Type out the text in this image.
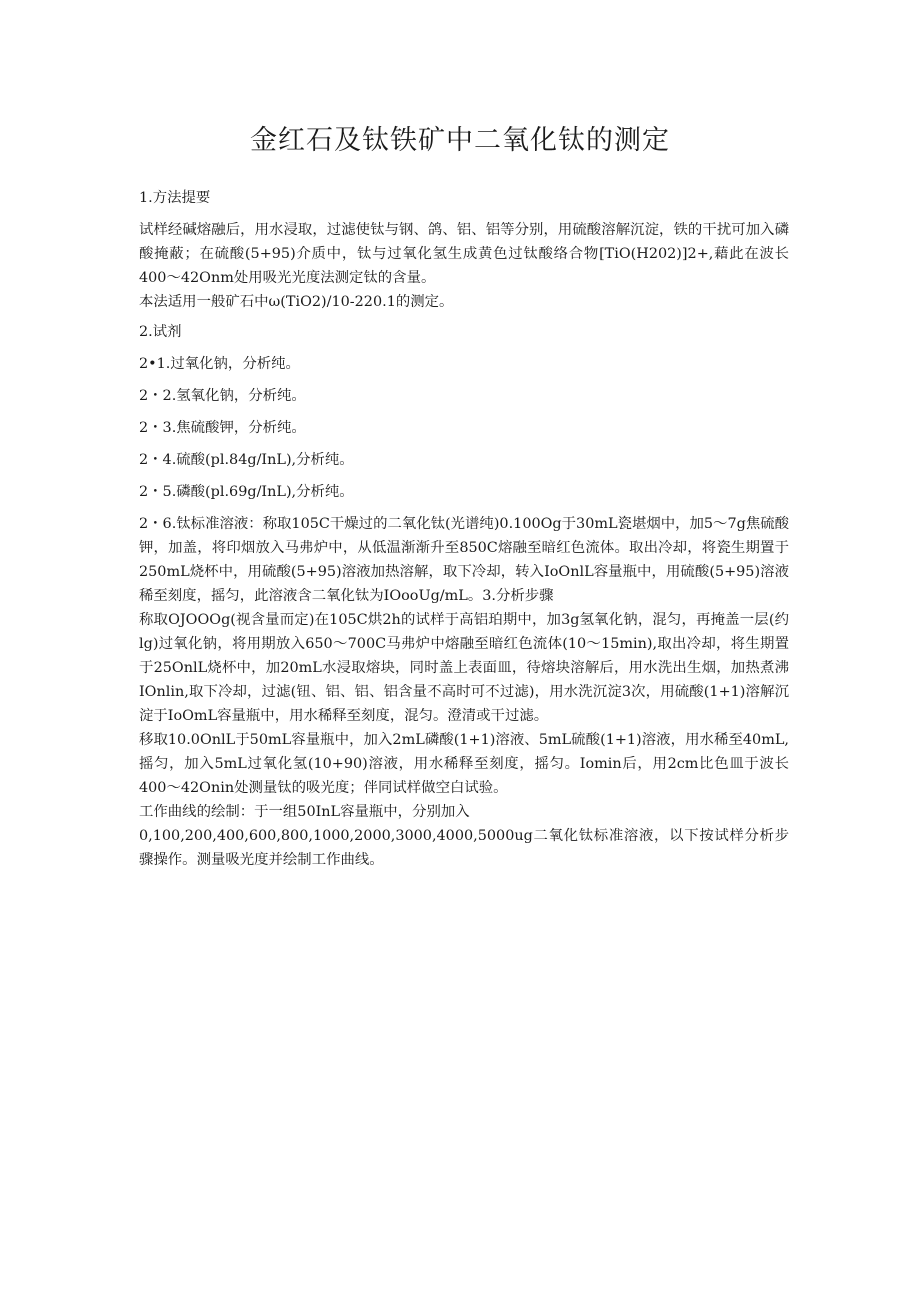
金红石及钛铁矿中二氧化钛的测定

1.方法提要

试样经碱熔融后，用水浸取，过滤使钛与钢、鸽、铝、铝等分别，用硫酸溶解沉淀，铁的干扰可加入磷酸掩蔽；在硫酸(5+95)介质中，钛与过氧化氢生成黄色过钛酸络合物[TiO(H202)]2+,藉此在波长400～42Onm处用吸光光度法测定钛的含量。

本法适用一般矿石中ω(TiO2)/10-220.1的测定。

2.试剂

2•1.过氧化钠，分析纯。

2・2.氢氧化钠，分析纯。

2・3.焦硫酸钾，分析纯。

2・4.硫酸(pl.84g/InL),分析纯。

2・5.磷酸(pl.69g/InL),分析纯。

2・6.钛标准溶液：称取105C干燥过的二氧化钛(光谱纯)0.100Og于30mL瓷堪烟中，加5～7g焦硫酸钾，加盖，将印烟放入马弗炉中，从低温渐渐升至850C熔融至暗红色流体。取出冷却，将瓷生期置于250mL烧杯中，用硫酸(5+95)溶液加热溶解，取下冷却，转入IoOnlL容量瓶中，用硫酸(5+95)溶液稀至刻度，摇匀，此溶液含二氧化钛为IOooUg/mL。3.分析步骤

称取OJOOOg(视含量而定)在105C烘2h的试样于高铝珀期中，加3g氢氧化钠，混匀，再掩盖一层(约lg)过氧化钠，将用期放入650～700C马弗炉中熔融至暗红色流体(10～15min),取出冷却，将生期置于25OnlL烧杯中，加20mL水浸取熔块，同时盖上表面皿，待熔块溶解后，用水洗出生烟，加热煮沸IOnlin,取下冷却，过滤(钮、铝、铝、铝含量不高时可不过滤)，用水洗沉淀3次，用硫酸(1+1)溶解沉淀于IoOmL容量瓶中，用水稀释至刻度，混匀。澄清或干过滤。

移取10.0OnlL于50mL容量瓶中，加入2mL磷酸(1+1)溶液、5mL硫酸(1+1)溶液，用水稀至40mL,摇匀，加入5mL过氧化氢(10+90)溶液，用水稀释至刻度，摇匀。Iomin后，用2cm比色皿于波长400～42Onin处测量钛的吸光度；伴同试样做空白试验。

工作曲线的绘制：于一组50InL容量瓶中，分别加入

0,100,200,400,600,800,1000,2000,3000,4000,5000ug二氧化钛标准溶液，以下按试样分析步骤操作。测量吸光度并绘制工作曲线。
